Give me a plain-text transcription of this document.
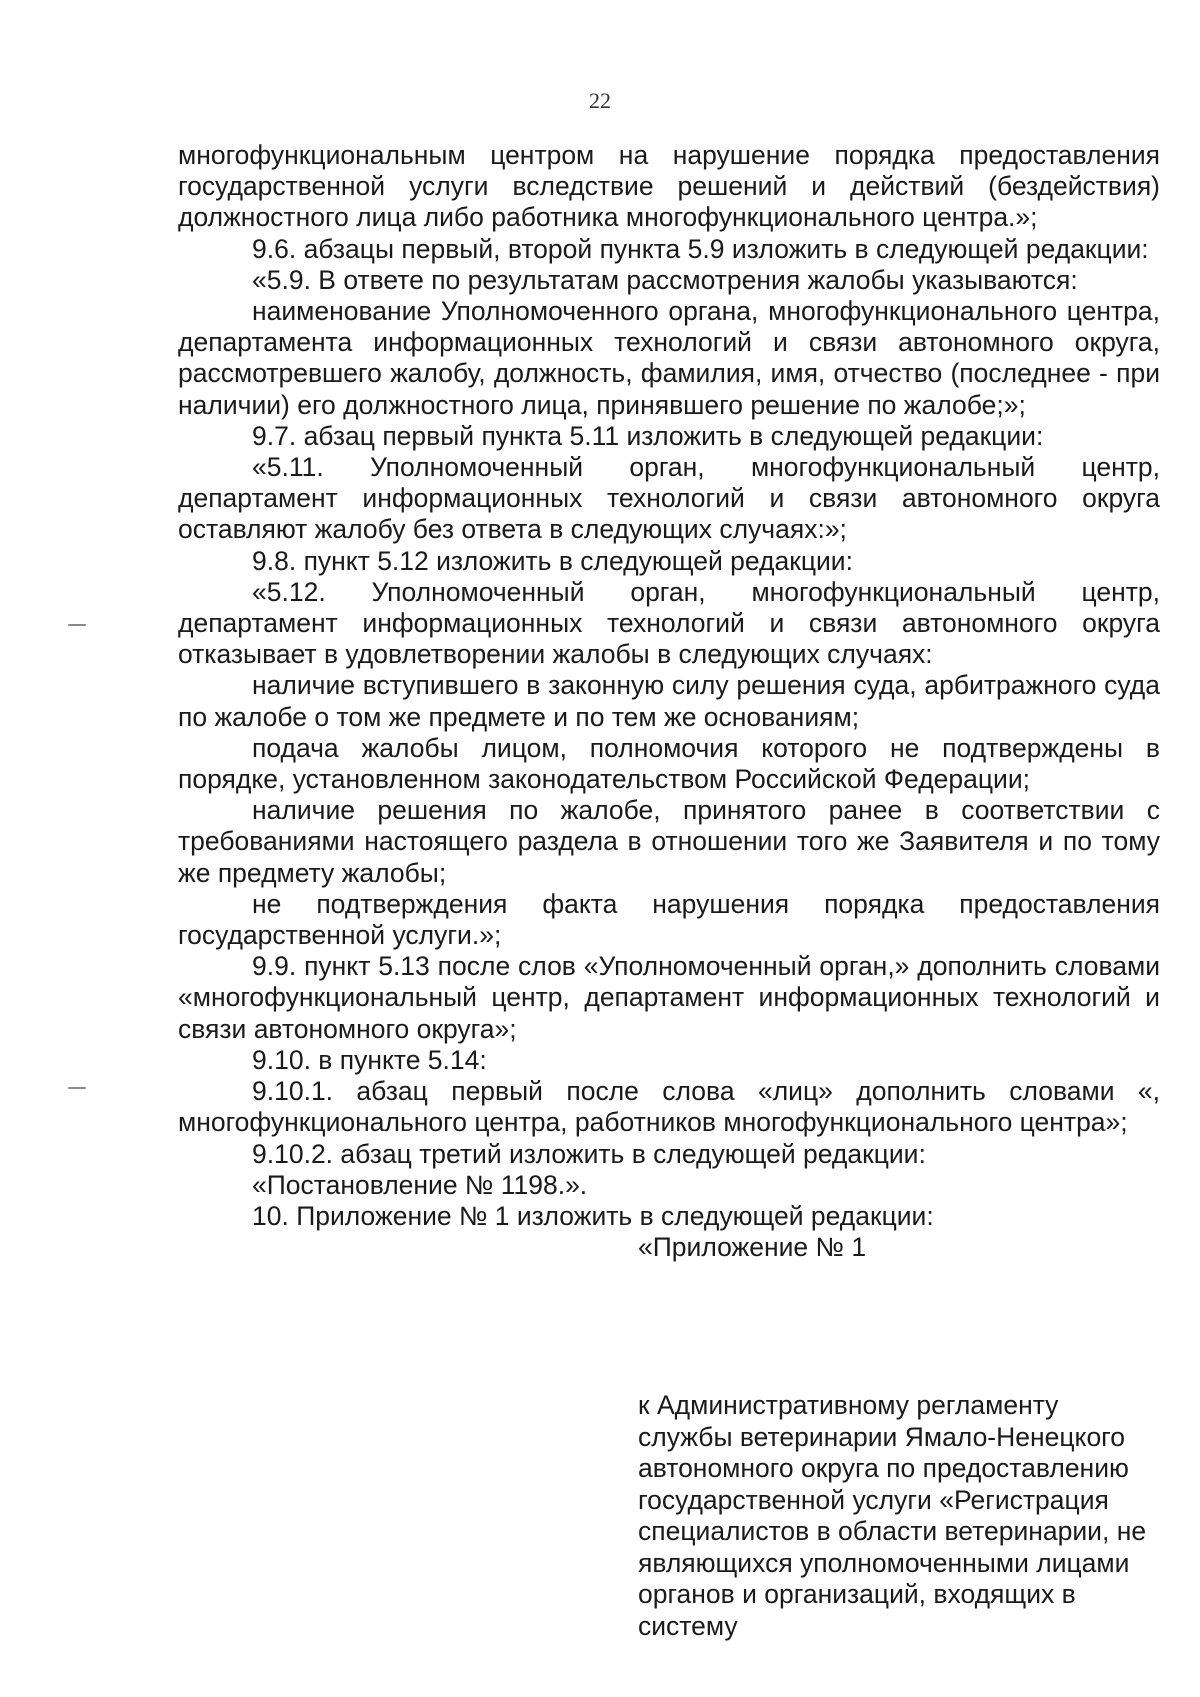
22

многофункциональным центром на нарушение порядка предоставления государственной услуги вследствие решений и действий (бездействия) должностного лица либо работника многофункционального центра.»;

9.6. абзацы первый, второй пункта 5.9 изложить в следующей редакции:

«5.9. В ответе по результатам рассмотрения жалобы указываются:

наименование Уполномоченного органа, многофункционального центра, департамента информационных технологий и связи автономного округа, рассмотревшего жалобу, должность, фамилия, имя, отчество (последнее - при наличии) его должностного лица, принявшего решение по жалобе;»;

9.7. абзац первый пункта 5.11 изложить в следующей редакции:

«5.11. Уполномоченный орган, многофункциональный центр, департамент информационных технологий и связи автономного округа оставляют жалобу без ответа в следующих случаях:»;

9.8. пункт 5.12 изложить в следующей редакции:

«5.12. Уполномоченный орган, многофункциональный центр, департамент информационных технологий и связи автономного округа отказывает в удовлетворении жалобы в следующих случаях:

наличие вступившего в законную силу решения суда, арбитражного суда по жалобе о том же предмете и по тем же основаниям;

подача жалобы лицом, полномочия которого не подтверждены в порядке, установленном законодательством Российской Федерации;

наличие решения по жалобе, принятого ранее в соответствии с требованиями настоящего раздела в отношении того же Заявителя и по тому же предмету жалобы;

не подтверждения факта нарушения порядка предоставления государственной услуги.»;

9.9. пункт 5.13 после слов «Уполномоченный орган,» дополнить словами «многофункциональный центр, департамент информационных технологий и связи автономного округа»;

9.10. в пункте 5.14:

9.10.1. абзац первый после слова «лиц» дополнить словами «, многофункционального центра, работников многофункционального центра»;

9.10.2. абзац третий изложить в следующей редакции:

«Постановление № 1198.».

10. Приложение № 1 изложить в следующей редакции:

«Приложение № 1

к Административному регламенту службы ветеринарии Ямало-Ненецкого автономного округа по предоставлению государственной услуги «Регистрация специалистов в области ветеринарии, не являющихся уполномоченными лицами органов и организаций, входящих в систему
